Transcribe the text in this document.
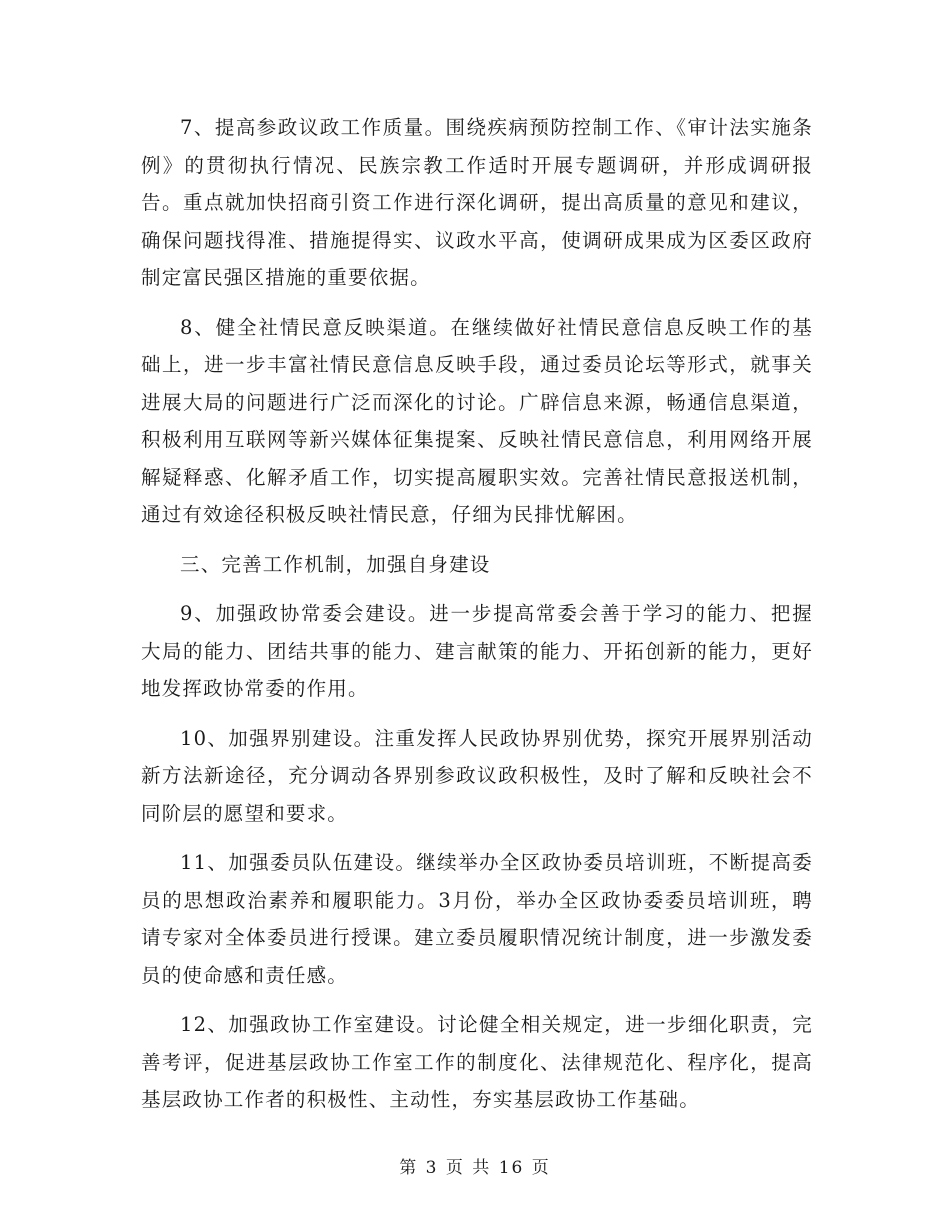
7、提高参政议政工作质量。围绕疾病预防控制工作、《审计法实施条例》的贯彻执行情况、民族宗教工作适时开展专题调研，并形成调研报告。重点就加快招商引资工作进行深化调研，提出高质量的意见和建议，确保问题找得准、措施提得实、议政水平高，使调研成果成为区委区政府制定富民强区措施的重要依据。

8、健全社情民意反映渠道。在继续做好社情民意信息反映工作的基础上，进一步丰富社情民意信息反映手段，通过委员论坛等形式，就事关进展大局的问题进行广泛而深化的讨论。广辟信息来源，畅通信息渠道，积极利用互联网等新兴媒体征集提案、反映社情民意信息，利用网络开展解疑释惑、化解矛盾工作，切实提高履职实效。完善社情民意报送机制，通过有效途径积极反映社情民意，仔细为民排忧解困。

三、完善工作机制，加强自身建设

9、加强政协常委会建设。进一步提高常委会善于学习的能力、把握大局的能力、团结共事的能力、建言献策的能力、开拓创新的能力，更好地发挥政协常委的作用。

10、加强界别建设。注重发挥人民政协界别优势，探究开展界别活动新方法新途径，充分调动各界别参政议政积极性，及时了解和反映社会不同阶层的愿望和要求。

11、加强委员队伍建设。继续举办全区政协委员培训班，不断提高委员的思想政治素养和履职能力。3月份，举办全区政协委委员培训班，聘请专家对全体委员进行授课。建立委员履职情况统计制度，进一步激发委员的使命感和责任感。

12、加强政协工作室建设。讨论健全相关规定，进一步细化职责，完善考评，促进基层政协工作室工作的制度化、法律规范化、程序化，提高基层政协工作者的积极性、主动性，夯实基层政协工作基础。

第 3 页 共 16 页
